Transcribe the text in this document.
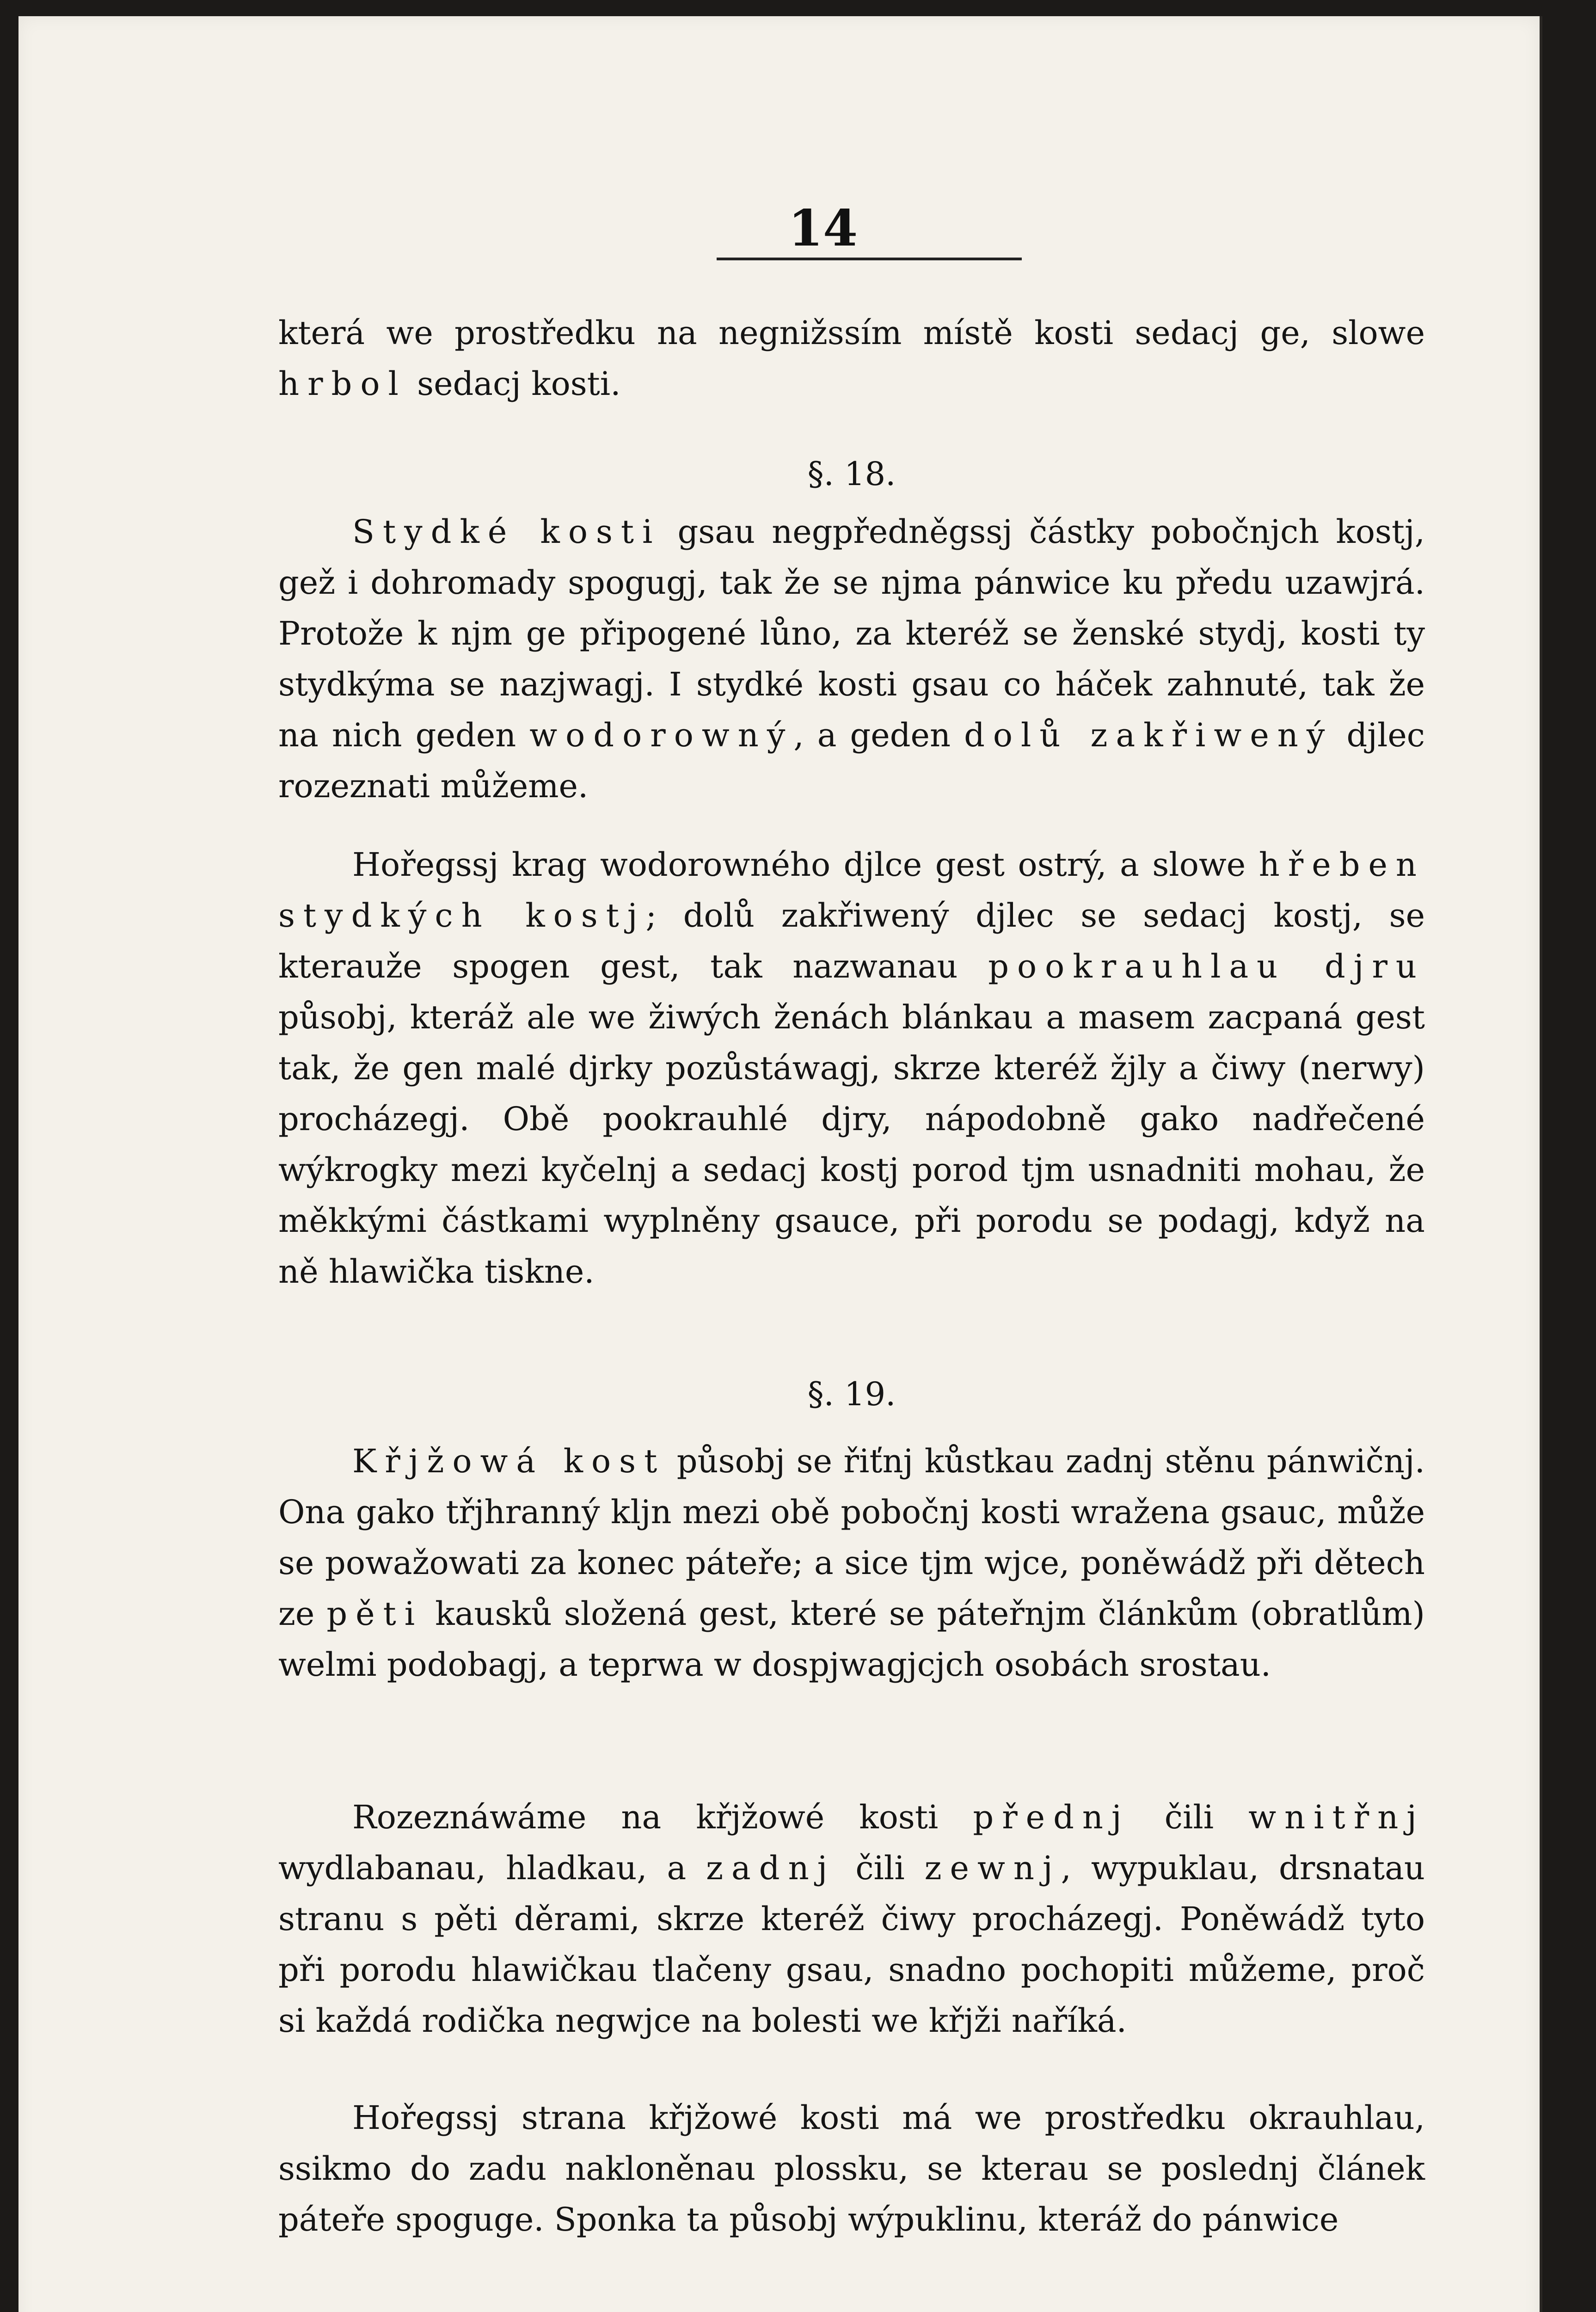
14

která we prostředku na negnižssím místě kosti sedacj ge, slowe hrbol sedacj kosti.

§. 18.

Stydké kosti gsau negpředněgssj částky pobočnjch kostj, gež i dohromady spogugj, tak že se njma pánwice ku předu uzawjrá. Protože k njm ge připogené lůno, za kteréž se ženské stydj, kosti ty stydkýma se nazjwagj. I stydké kosti gsau co háček zahnuté, tak že na nich geden wodorowný, a geden dolů zakřiwený djlec rozeznati můžeme.

Hořegssj krag wodorowného djlce gest ostrý, a slowe hřeben stydkých kostj; dolů zakřiwený djlec se sedacj kostj, se kterauže spogen gest, tak nazwanau pookrauhlau djru působj, kteráž ale we žiwých ženách blánkau a masem zacpaná gest tak, že gen malé djrky pozůstáwagj, skrze kteréž žjly a čiwy (nerwy) procházegj. Obě pookrauhlé djry, nápodobně gako nadřečené wýkrogky mezi kyčelnj a sedacj kostj porod tjm usnadniti mohau, že měkkými částkami wyplněny gsauce, při porodu se podagj, když na ně hlawička tiskne.

§. 19.

Křjžowá kost působj se řiťnj kůstkau zadnj stěnu pánwičnj. Ona gako třjhranný kljn mezi obě pobočnj kosti wražena gsauc, může se powažowati za konec páteře; a sice tjm wjce, poněwádž při dětech ze pěti kausků složená gest, které se páteřnjm článkům (obratlům) welmi podobagj, a teprwa w dospjwagjcjch osobách srostau.

Rozeznáwáme na křjžowé kosti přednj čili wnitřnj wydlabanau, hladkau, a zadnj čili zewnj, wypuklau, drsnatau stranu s pěti děrami, skrze kteréž čiwy procházegj. Poněwádž tyto při porodu hlawičkau tlačeny gsau, snadno pochopiti můžeme, proč si každá rodička negwjce na bolesti we křjži naříká.

Hořegssj strana křjžowé kosti má we prostředku okrauhlau, ssikmo do zadu nakloněnau plossku, se kterau se poslednj článek páteře spoguge. Sponka ta působj wýpuklinu, kteráž do pánwice
